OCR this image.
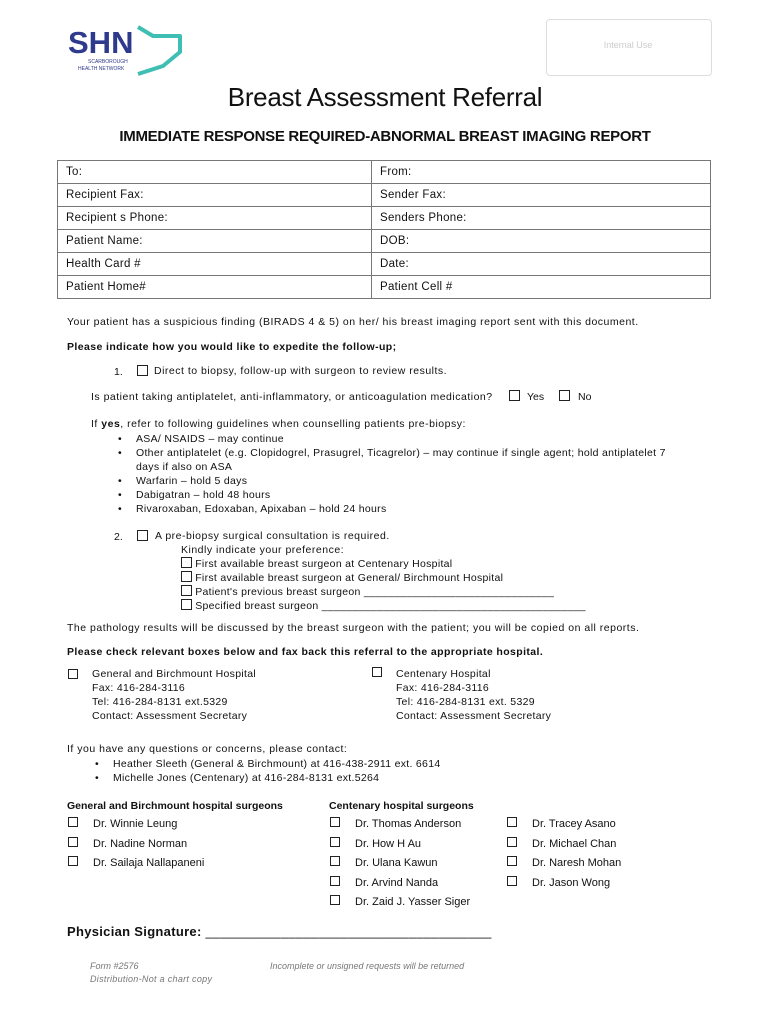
SHN
SCARBOROUGH
HEALTH NETWORK
Internal Use
Breast Assessment Referral
IMMEDIATE RESPONSE REQUIRED-ABNORMAL BREAST IMAGING REPORT
To:	From:
Recipient Fax:	Sender Fax:
Recipient s Phone:	Senders Phone:
Patient Name:	DOB:
Health Card #	Date:
Patient Home#	Patient Cell #
Your patient has a suspicious finding (BIRADS 4 & 5) on her/ his breast imaging report sent with this document.
Please indicate how you would like to expedite the follow-up;
1.	Direct to biopsy, follow-up with surgeon to review results.
Is patient taking antiplatelet, anti-inflammatory, or anticoagulation medication?	Yes	No
If yes, refer to following guidelines when counselling patients pre-biopsy:
• ASA/ NSAIDS – may continue
• Other antiplatelet (e.g. Clopidogrel, Prasugrel, Ticagrelor) – may continue if single agent; hold antiplatelet 7 days if also on ASA
• Warfarin – hold 5 days
• Dabigatran – hold 48 hours
• Rivaroxaban, Edoxaban, Apixaban – hold 24 hours
2.	A pre-biopsy surgical consultation is required.
Kindly indicate your preference:
First available breast surgeon at Centenary Hospital
First available breast surgeon at General/ Birchmount Hospital
Patient's previous breast surgeon _______________________________
Specified breast surgeon ___________________________________________
The pathology results will be discussed by the breast surgeon with the patient; you will be copied on all reports.
Please check relevant boxes below and fax back this referral to the appropriate hospital.
General and Birchmount Hospital
Fax: 416-284-3116
Tel: 416-284-8131 ext.5329
Contact: Assessment Secretary
Centenary Hospital
Fax: 416-284-3116
Tel: 416-284-8131 ext. 5329
Contact: Assessment Secretary
If you have any questions or concerns, please contact:
• Heather Sleeth (General & Birchmount) at 416-438-2911 ext. 6614
• Michelle Jones (Centenary) at 416-284-8131 ext.5264
General and Birchmount hospital surgeons	Centenary hospital surgeons
Dr. Winnie Leung
Dr. Nadine Norman
Dr. Sailaja Nallapaneni
Dr. Thomas Anderson
Dr. How H Au
Dr. Ulana Kawun
Dr. Arvind Nanda
Dr. Zaid J. Yasser Siger
Dr. Tracey Asano
Dr. Michael Chan
Dr. Naresh Mohan
Dr. Jason Wong
Physician Signature: ______________________________________
Form #2576
Distribution-Not a chart copy
Incomplete or unsigned requests will be returned
